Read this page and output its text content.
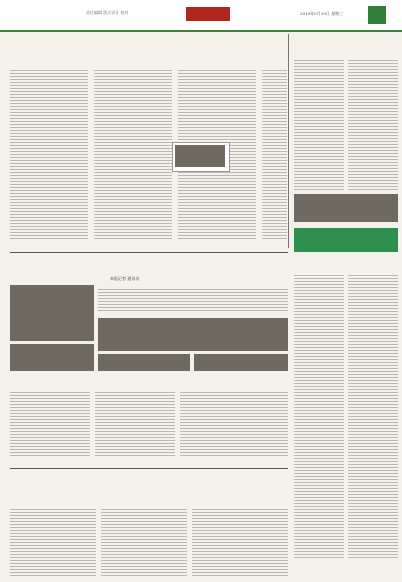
责任编辑 版式设计 校对	2019年5月29日 星期三
本报记者 通讯员
